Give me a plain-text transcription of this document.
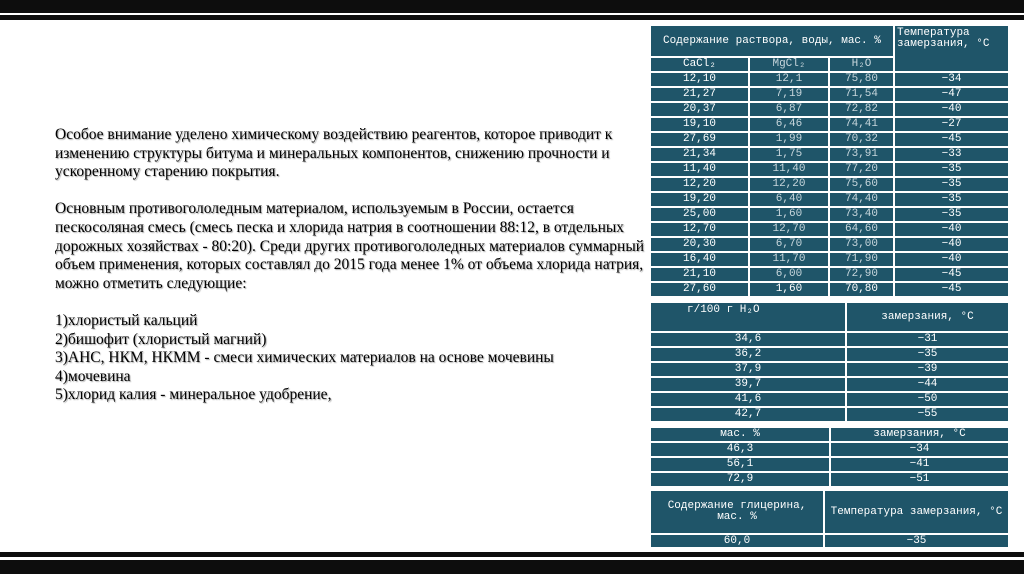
Особое внимание уделено химическому воздействию реагентов, которое приводит к изменению структуры битума и минеральных компонентов, снижению прочности и ускоренному старению покрытия.

Основным противогололедным материалом, используемым в России, остается пескосоляная смесь (смесь песка и хлорида натрия в соотношении 88:12, в отдельных дорожных хозяйствах - 80:20). Среди других противогололедных материалов суммарный объем применения, которых составлял до 2015 года менее 1% от объема хлорида натрия, можно отметить следующие:

1)хлористый кальций

2)бишофит (хлористый магний)

3)АНС, НКМ, НКММ - смеси химических материалов на основе мочевины

4)мочевина

5)хлорид калия - минеральное удобрение,

Содержание раствора, воды, мас. %			Температура замерзания, °С
CaCl₂	MgCl₂	H₂O	
12,10	12,1	75,80	−34
21,27	7,19	71,54	−47
20,37	6,87	72,82	−40
19,10	6,46	74,41	−27
27,69	1,99	70,32	−45
21,34	1,75	73,91	−33
11,40	11,40	77,20	−35
12,20	12,20	75,60	−35
19,20	6,40	74,40	−35
25,00	1,60	73,40	−35
12,70	12,70	64,60	−40
20,30	6,70	73,00	−40
16,40	11,70	71,90	−40
21,10	6,00	72,90	−45
27,60	1,60	70,80	−45
г/100 г H₂O	замерзания, °С
34,6	−31
36,2	−35
37,9	−39
39,7	−44
41,6	−50
42,7	−55
мас. %	замерзания, °С
46,3	−34
56,1	−41
72,9	−51
Содержание глицерина, мас. %	Температура замерзания, °С
60,0	−35
